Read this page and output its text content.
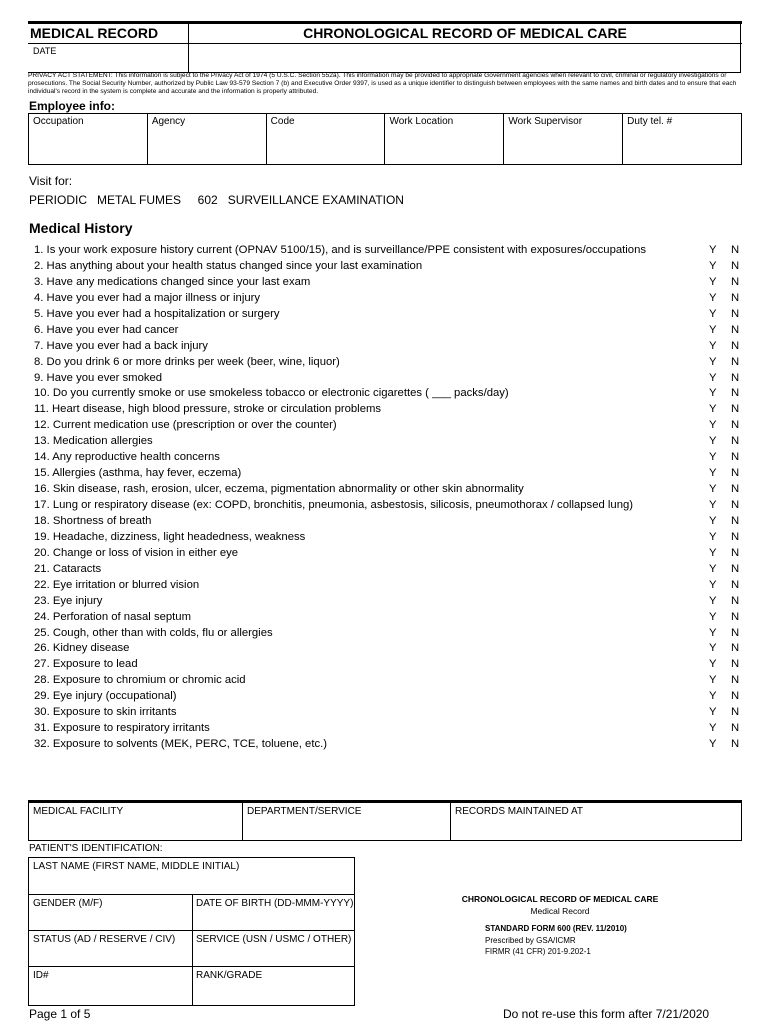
MEDICAL RECORD	CHRONOLOGICAL RECORD OF MEDICAL CARE
DATE
PRIVACY ACT STATEMENT: This information is subject to the Privacy Act of 1974 (5 U.S.C. Section 552a). This information may be provided to appropriate Government agencies when relevant to civil, criminal or regulatory investigations or prosecutions. The Social Security Number, authorized by Public Law 93-579 Section 7 (b) and Executive Order 9397, is used as a unique identifier to distinguish between employees with the same names and birth dates and to ensure that each individual's record in the system is complete and accurate and the information is properly attributed.
Employee info:
Occupation	Agency	Code	Work Location	Work Supervisor	Duty tel. #
Visit for:
PERIODIC   METAL FUMES     602   SURVEILLANCE EXAMINATION
Medical History
1. Is your work exposure history current (OPNAV 5100/15), and is surveillance/PPE consistent with exposures/occupations	Y N
2. Has anything about your health status changed since your last examination	Y N
3. Have any medications changed since your last exam	Y N
4. Have you ever had a major illness or injury	Y N
5. Have you ever had a hospitalization or surgery	Y N
6. Have you ever had cancer	Y N
7. Have you ever had a back injury	Y N
8. Do you drink 6 or more drinks per week (beer, wine, liquor)	Y N
9. Have you ever smoked	Y N
10. Do you currently smoke or use smokeless tobacco or electronic cigarettes ( ___ packs/day)	Y N
11. Heart disease, high blood pressure, stroke or circulation problems	Y N
12. Current medication use (prescription or over the counter)	Y N
13. Medication allergies	Y N
14. Any reproductive health concerns	Y N
15. Allergies (asthma, hay fever, eczema)	Y N
16. Skin disease, rash, erosion, ulcer, eczema, pigmentation abnormality or other skin abnormality	Y N
17. Lung or respiratory disease (ex: COPD, bronchitis, pneumonia, asbestosis, silicosis, pneumothorax / collapsed lung)	Y N
18. Shortness of breath	Y N
19. Headache, dizziness, light headedness, weakness	Y N
20. Change or loss of vision in either eye	Y N
21. Cataracts	Y N
22. Eye irritation or blurred vision	Y N
23. Eye injury	Y N
24. Perforation of nasal septum	Y N
25. Cough, other than with colds, flu or allergies	Y N
26. Kidney disease	Y N
27. Exposure to lead	Y N
28. Exposure to chromium or chromic acid	Y N
29. Eye injury (occupational)	Y N
30. Exposure to skin irritants	Y N
31. Exposure to respiratory irritants	Y N
32. Exposure to solvents (MEK, PERC, TCE, toluene, etc.)	Y N
MEDICAL FACILITY	DEPARTMENT/SERVICE	RECORDS MAINTAINED AT
PATIENT'S IDENTIFICATION:
LAST NAME (FIRST NAME, MIDDLE INITIAL)
GENDER (M/F)	DATE OF BIRTH (DD-MMM-YYYY)
STATUS (AD / RESERVE / CIV) SERVICE (USN / USMC / OTHER)
ID#	RANK/GRADE
CHRONOLOGICAL RECORD OF MEDICAL CARE
Medical Record
STANDARD FORM 600 (REV. 11/2010)
Prescribed by GSA/ICMR
FIRMR (41 CFR) 201-9.202-1
Page 1 of 5	Do not re-use this form after 7/21/2020
